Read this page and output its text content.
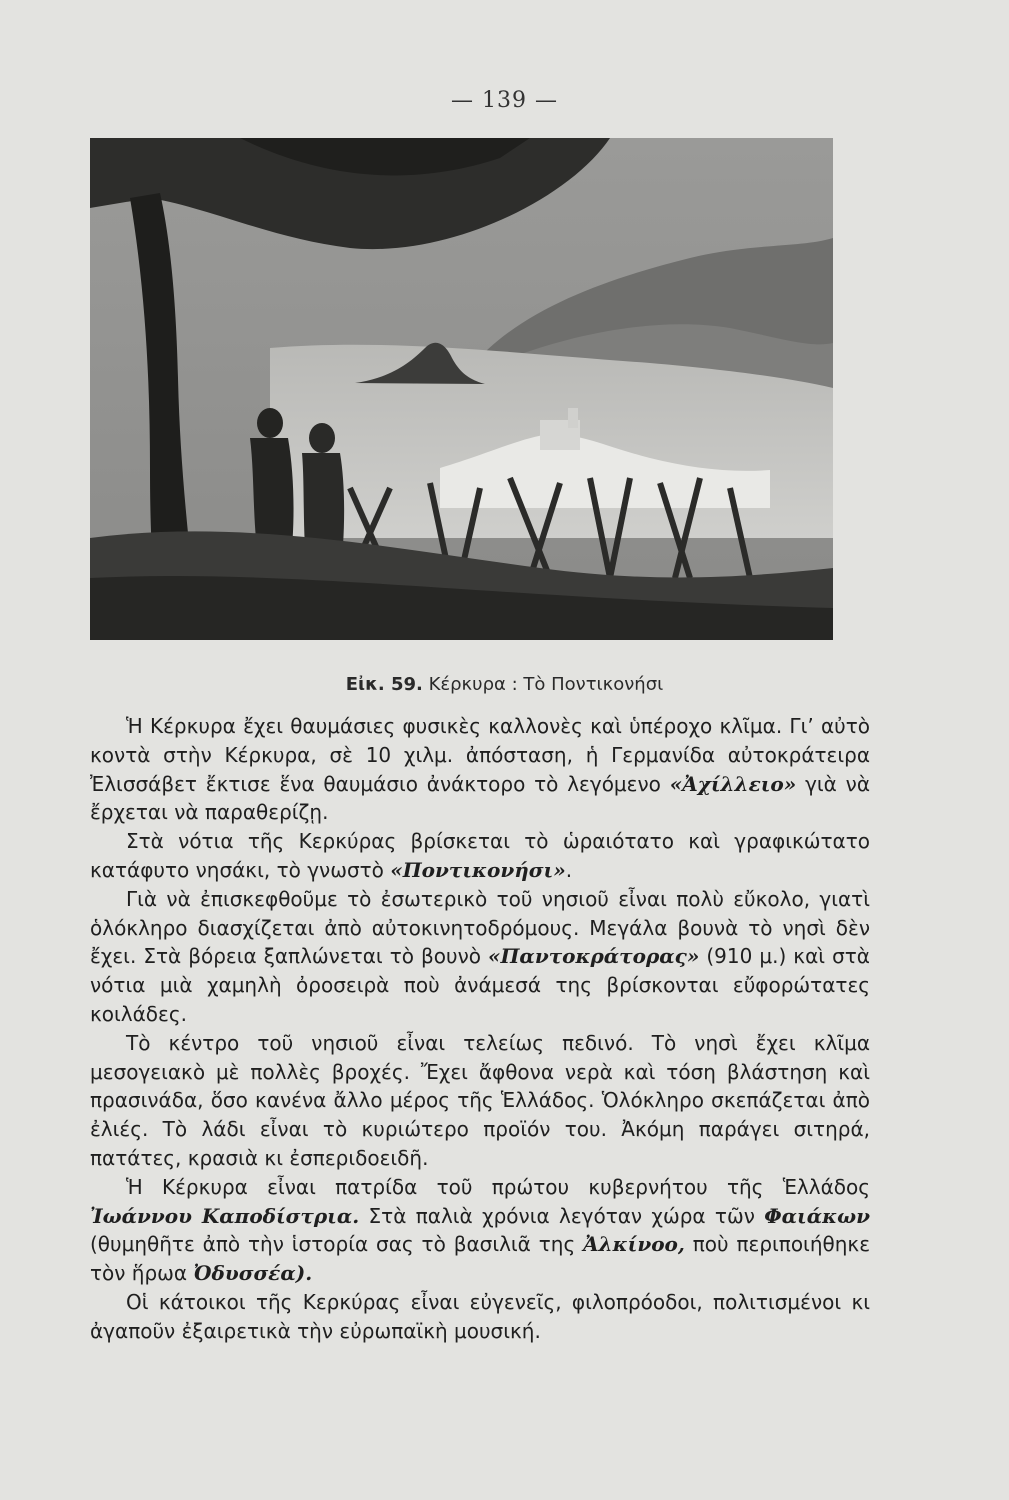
— 139 —
Εἰκ. 59. Κέρκυρα : Τὸ Ποντικονήσι

Ἡ Κέρκυρα ἔχει θαυμάσιες φυσικὲς καλλονὲς καὶ ὑπέροχο κλῖμα. Γι’ αὐτὸ κοντὰ στὴν Κέρκυρα, σὲ 10 χιλμ. ἀπόσταση, ἡ Γερμανίδα αὐτοκράτειρα Ἐλισσάβετ ἔκτισε ἕνα θαυμάσιο ἀνάκτορο τὸ λεγόμενο «Ἀχίλλειο» γιὰ νὰ ἔρχεται νὰ παραθερίζῃ.

Στὰ νότια τῆς Κερκύρας βρίσκεται τὸ ὡραιότατο καὶ γραφικώτατο κατάφυτο νησάκι, τὸ γνωστὸ «Ποντικονήσι».

Γιὰ νὰ ἐπισκεφθοῦμε τὸ ἐσωτερικὸ τοῦ νησιοῦ εἶναι πολὺ εὔκολο, γιατὶ ὁλόκληρο διασχίζεται ἀπὸ αὐτοκινητοδρόμους. Μεγάλα βουνὰ τὸ νησὶ δὲν ἔχει. Στὰ βόρεια ξαπλώνεται τὸ βουνὸ «Παντοκράτορας» (910 μ.) καὶ στὰ νότια μιὰ χαμηλὴ ὀροσειρὰ ποὺ ἀνάμεσά της βρίσκονται εὔφορώτατες κοιλάδες.

Τὸ κέντρο τοῦ νησιοῦ εἶναι τελείως πεδινό. Τὸ νησὶ ἔχει κλῖμα μεσογειακὸ μὲ πολλὲς βροχές. Ἔχει ἄφθονα νερὰ καὶ τόση βλάστηση καὶ πρασινάδα, ὅσο κανένα ἄλλο μέρος τῆς Ἑλλάδος. Ὁλόκληρο σκεπάζεται ἀπὸ ἐλιές. Τὸ λάδι εἶναι τὸ κυριώτερο προϊόν του. Ἀκόμη παράγει σιτηρά, πατάτες, κρασιὰ κι ἐσπεριδοειδῆ.

Ἡ Κέρκυρα εἶναι πατρίδα τοῦ πρώτου κυβερνήτου τῆς Ἑλλάδος Ἰωάννου Καποδίστρια. Στὰ παλιὰ χρόνια λεγόταν χώρα τῶν Φαιάκων (θυμηθῆτε ἀπὸ τὴν ἱστορία σας τὸ βασιλιᾶ της Ἀλκίνοο, ποὺ περιποιήθηκε τὸν ἥρωα Ὀδυσσέα).

Οἱ κάτοικοι τῆς Κερκύρας εἶναι εὐγενεῖς, φιλοπρόοδοι, πολιτισμένοι κι ἀγαποῦν ἐξαιρετικὰ τὴν εὐρωπαϊκὴ μουσική.
